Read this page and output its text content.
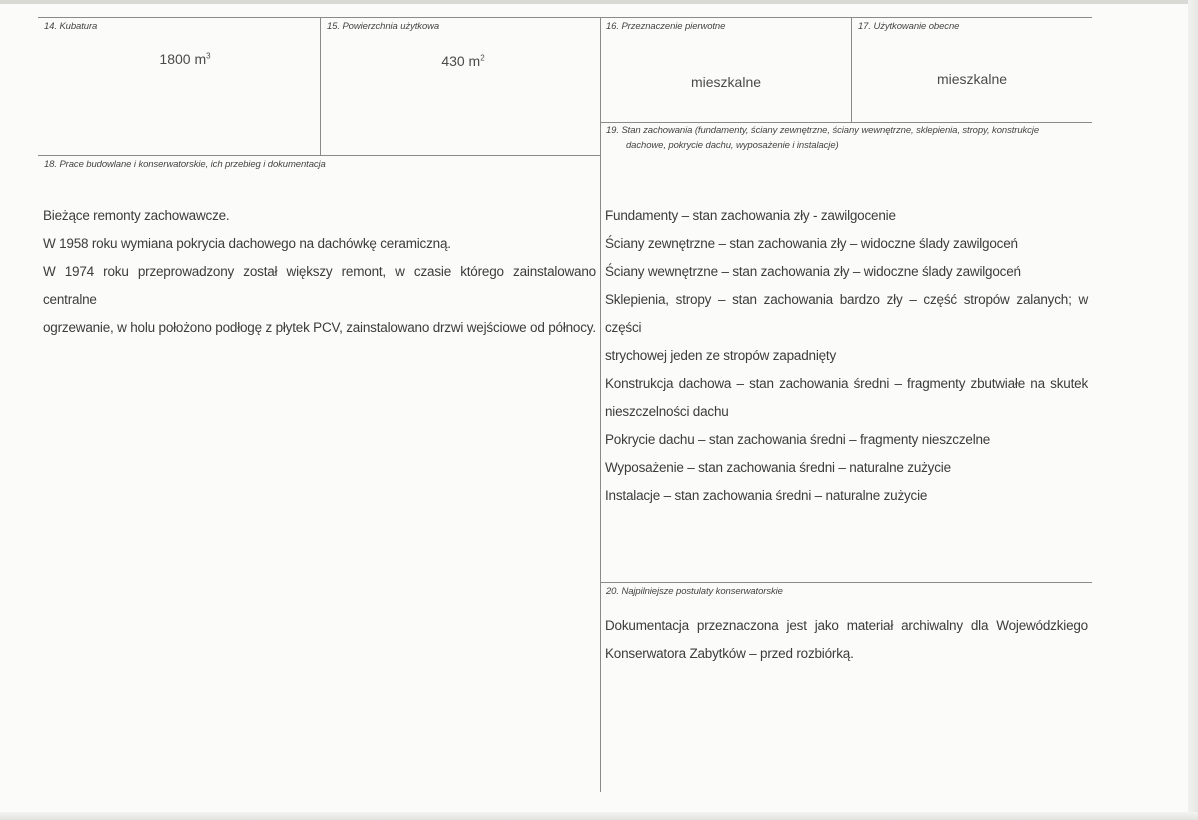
14. Kubatura
1800 $m^3$
15. Powierzchnia użytkowa
430 $m^2$
16. Przeznaczenie pierwotne
mieszkalne
17. Użytkowanie obecne
mieszkalne
19. Stan zachowania (fundamenty, ściany zewnętrzne, ściany wewnętrzne, sklepienia, stropy, konstrukcje
dachowe, pokrycie dachu, wyposażenie i instalacje)
18. Prace budowlane i konserwatorskie, ich przebieg i dokumentacja

Bieżące remonty zachowawcze.

W 1958 roku wymiana pokrycia dachowego na dachówkę ceramiczną.

W 1974 roku przeprowadzony został większy remont, w czasie którego zainstalowano centralne

ogrzewanie, w holu położono podłogę z płytek PCV, zainstalowano drzwi wejściowe od północy.

Fundamenty – stan zachowania zły - zawilgocenie

Ściany zewnętrzne – stan zachowania zły – widoczne ślady zawilgoceń

Ściany wewnętrzne – stan zachowania zły – widoczne ślady zawilgoceń

Sklepienia, stropy – stan zachowania bardzo zły – część stropów zalanych; w części

strychowej jeden ze stropów zapadnięty

Konstrukcja dachowa – stan zachowania średni – fragmenty zbutwiałe na skutek

nieszczelności dachu

Pokrycie dachu – stan zachowania średni – fragmenty nieszczelne

Wyposażenie – stan zachowania średni – naturalne zużycie

Instalacje – stan zachowania średni – naturalne zużycie

20. Najpilniejsze postulaty konserwatorskie

Dokumentacja przeznaczona jest jako materiał archiwalny dla Wojewódzkiego

Konserwatora Zabytków – przed rozbiórką.
